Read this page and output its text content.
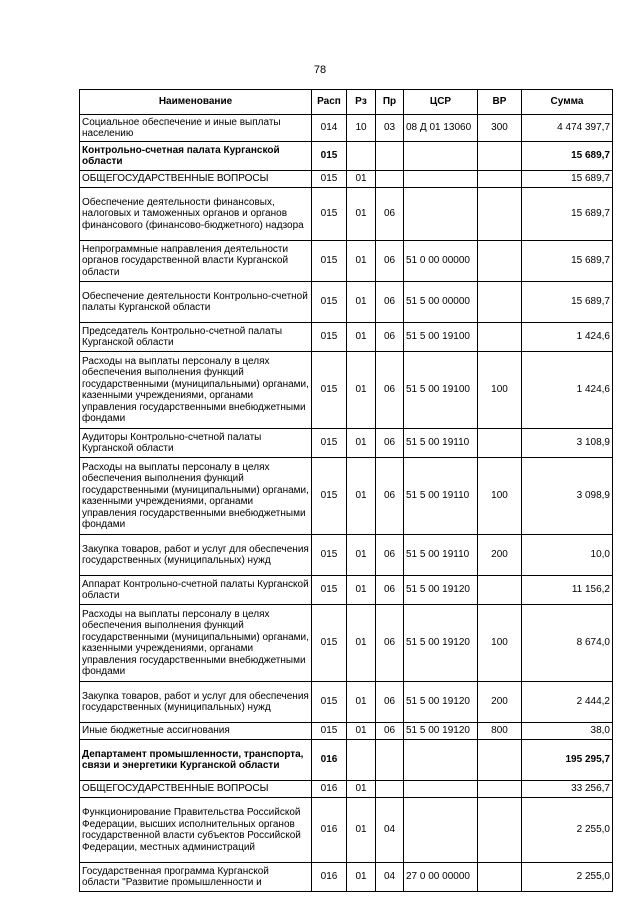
78
Наименование	Расп	Рз	Пр	ЦСР	ВР	Сумма
Социальное обеспечение и иные выплаты населению	014	10	03	08 Д 01 13060	300	4 474 397,7
Контрольно-счетная палата Курганской области	015					15 689,7
ОБЩЕГОСУДАРСТВЕННЫЕ ВОПРОСЫ	015	01				15 689,7
Обеспечение деятельности финансовых, налоговых и таможенных органов и органов финансового (финансово-бюджетного) надзора	015	01	06			15 689,7
Непрограммные направления деятельности органов государственной власти Курганской области	015	01	06	51 0 00 00000		15 689,7
Обеспечение деятельности Контрольно-счетной палаты Курганской области	015	01	06	51 5 00 00000		15 689,7
Председатель Контрольно-счетной палаты Курганской области	015	01	06	51 5 00 19100		1 424,6
Расходы на выплаты персоналу в целях обеспечения выполнения функций государственными (муниципальными) органами, казенными учреждениями, органами управления государственными внебюджетными фондами	015	01	06	51 5 00 19100	100	1 424,6
Аудиторы Контрольно-счетной палаты Курганской области	015	01	06	51 5 00 19110		3 108,9
Расходы на выплаты персоналу в целях обеспечения выполнения функций государственными (муниципальными) органами, казенными учреждениями, органами управления государственными внебюджетными фондами	015	01	06	51 5 00 19110	100	3 098,9
Закупка товаров, работ и услуг для обеспечения государственных (муниципальных) нужд	015	01	06	51 5 00 19110	200	10,0
Аппарат Контрольно-счетной палаты Курганской области	015	01	06	51 5 00 19120		11 156,2
Расходы на выплаты персоналу в целях обеспечения выполнения функций государственными (муниципальными) органами, казенными учреждениями, органами управления государственными внебюджетными фондами	015	01	06	51 5 00 19120	100	8 674,0
Закупка товаров, работ и услуг для обеспечения государственных (муниципальных) нужд	015	01	06	51 5 00 19120	200	2 444,2
Иные бюджетные ассигнования	015	01	06	51 5 00 19120	800	38,0
Департамент промышленности, транспорта, связи и энергетики Курганской области	016					195 295,7
ОБЩЕГОСУДАРСТВЕННЫЕ ВОПРОСЫ	016	01				33 256,7
Функционирование Правительства Российской Федерации, высших исполнительных органов государственной власти субъектов Российской Федерации, местных администраций	016	01	04			2 255,0
Государственная программа Курганской области "Развитие промышленности и	016	01	04	27 0 00 00000		2 255,0
